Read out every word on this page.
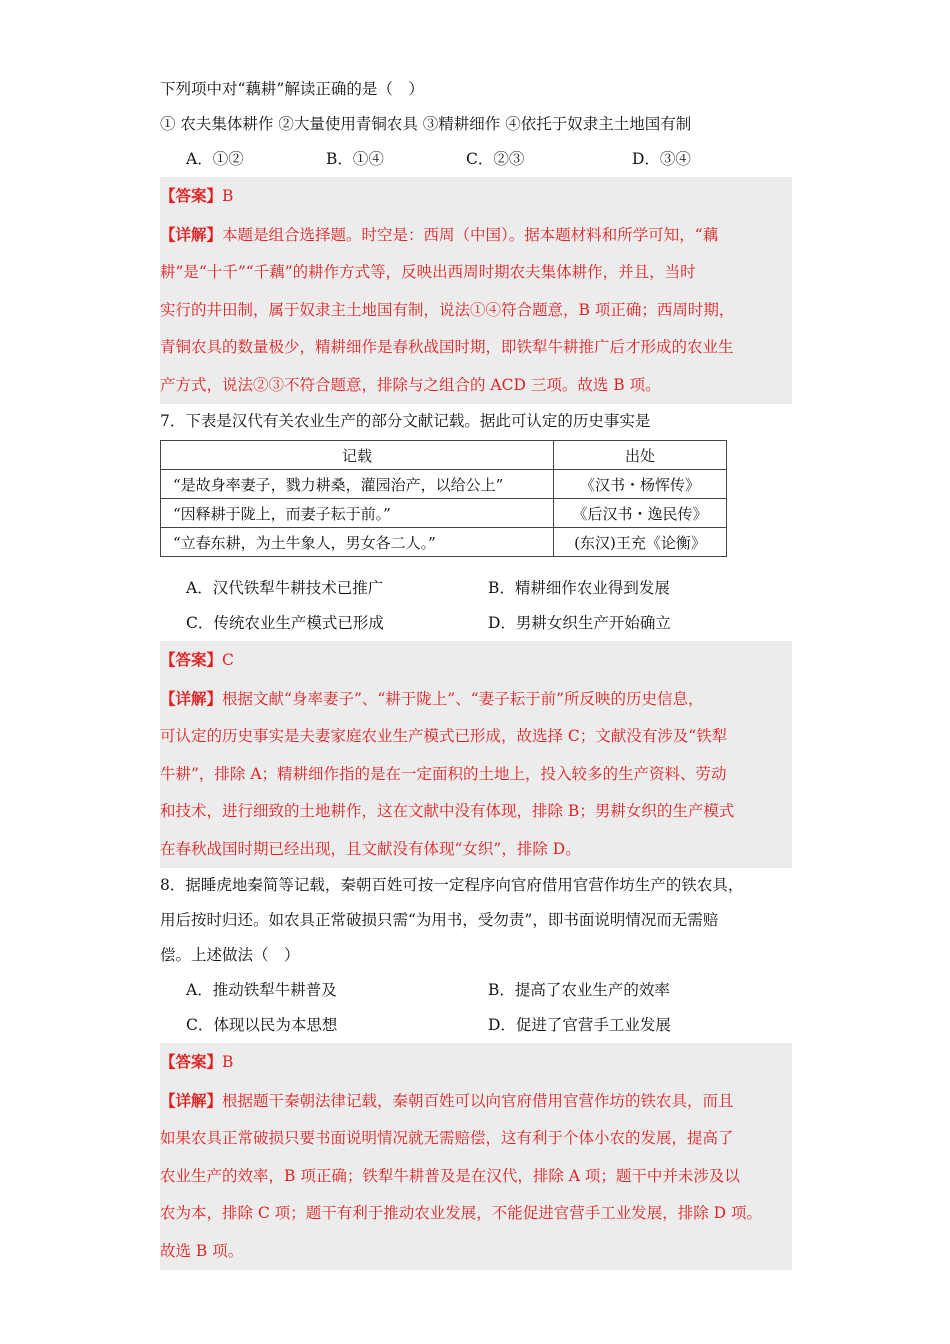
下列项中对“藕耕”解读正确的是（　）
① 农夫集体耕作 ②大量使用青铜农具 ③精耕细作 ④依托于奴隶主土地国有制
A．①②	B．①④	C．②③	D．③④
【答案】B
【详解】本题是组合选择题。时空是：西周（中国）。据本题材料和所学可知，“藕
耕”是“十千”“千藕”的耕作方式等，反映出西周时期农夫集体耕作，并且，当时
实行的井田制，属于奴隶主土地国有制，说法①④符合题意，B 项正确；西周时期，
青铜农具的数量极少，精耕细作是春秋战国时期，即铁犁牛耕推广后才形成的农业生
产方式，说法②③不符合题意，排除与之组合的 ACD 三项。故选 B 项。
7．下表是汉代有关农业生产的部分文献记载。据此可认定的历史事实是
记载	出处
“是故身率妻子，戮力耕桑，灌园治产，以给公上”	《汉书・杨恽传》
“因释耕于陇上，而妻子耘于前。”	《后汉书・逸民传》
“立春东耕，为土牛象人，男女各二人。”	(东汉)王充《论衡》
A．汉代铁犁牛耕技术已推广	B．精耕细作农业得到发展
C．传统农业生产模式已形成	D．男耕女织生产开始确立
【答案】C
【详解】根据文献“身率妻子”、“耕于陇上”、“妻子耘于前”所反映的历史信息，
可认定的历史事实是夫妻家庭农业生产模式已形成，故选择 C；文献没有涉及“铁犁
牛耕”，排除 A；精耕细作指的是在一定面积的土地上，投入较多的生产资料、劳动
和技术，进行细致的土地耕作，这在文献中没有体现，排除 B；男耕女织的生产模式
在春秋战国时期已经出现，且文献没有体现“女织”，排除 D。
8．据睡虎地秦简等记载，秦朝百姓可按一定程序向官府借用官营作坊生产的铁农具，
用后按时归还。如农具正常破损只需“为用书，受勿责”，即书面说明情况而无需赔
偿。上述做法（　）
A．推动铁犁牛耕普及	B．提高了农业生产的效率
C．体现以民为本思想	D．促进了官营手工业发展
【答案】B
【详解】根据题干秦朝法律记载，秦朝百姓可以向官府借用官营作坊的铁农具，而且
如果农具正常破损只要书面说明情况就无需赔偿，这有利于个体小农的发展，提高了
农业生产的效率，B 项正确；铁犁牛耕普及是在汉代，排除 A 项；题干中并未涉及以
农为本，排除 C 项；题干有利于推动农业发展，不能促进官营手工业发展，排除 D 项。
故选 B 项。
